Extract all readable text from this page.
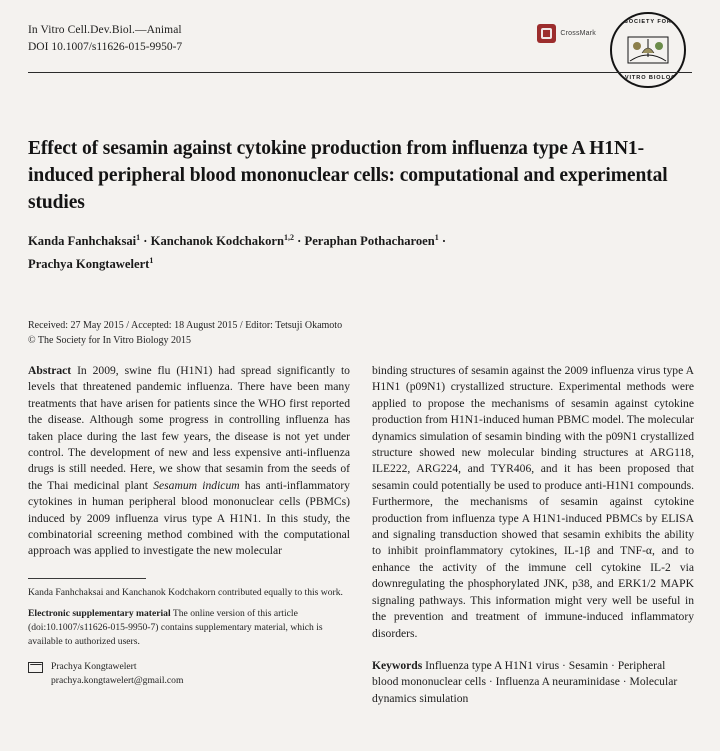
In Vitro Cell.Dev.Biol.—Animal
DOI 10.1007/s11626-015-9950-7
CrossMark
SOCIETY FOR
IN VITRO BIOLOGY
Effect of sesamin against cytokine production from influenza type A H1N1-induced peripheral blood mononuclear cells: computational and experimental studies
Kanda Fanhchaksai$^1$ · Kanchanok Kodchakorn$^{1,2}$ · Peraphan Pothacharoen$^1$ ·
Prachya Kongtawelert$^1$
Received: 27 May 2015 / Accepted: 18 August 2015 / Editor: Tetsuji Okamoto
© The Society for In Vitro Biology 2015

Abstract In 2009, swine flu (H1N1) had spread significantly to levels that threatened pandemic influenza. There have been many treatments that have arisen for patients since the WHO first reported the disease. Although some progress in controlling influenza has taken place during the last few years, the disease is not yet under control. The development of new and less expensive anti-influenza drugs is still needed. Here, we show that sesamin from the seeds of the Thai medicinal plant Sesamum indicum has anti-inflammatory cytokines in human peripheral blood mononuclear cells (PBMCs) induced by 2009 influenza virus type A H1N1. In this study, the combinatorial screening method combined with the computational approach was applied to investigate the new molecular

Kanda Fanhchaksai and Kanchanok Kodchakorn contributed equally to this work.

Electronic supplementary material The online version of this article (doi:10.1007/s11626-015-9950-7) contains supplementary material, which is available to authorized users.

Prachya Kongtawelert
prachya.kongtawelert@gmail.com

binding structures of sesamin against the 2009 influenza virus type A H1N1 (p09N1) crystallized structure. Experimental methods were applied to propose the mechanisms of sesamin against cytokine production from H1N1-induced human PBMC model. The molecular dynamics simulation of sesamin binding with the p09N1 crystallized structure showed new molecular binding structures at ARG118, ILE222, ARG224, and TYR406, and it has been proposed that sesamin could potentially be used to produce anti-H1N1 compounds. Furthermore, the mechanisms of sesamin against cytokine production from influenza type A H1N1-induced PBMCs by ELISA and signaling transduction showed that sesamin exhibits the ability to inhibit proinflammatory cytokines, IL-1β and TNF-α, and to enhance the activity of the immune cell cytokine IL-2 via downregulating the phosphorylated JNK, p38, and ERK1/2 MAPK signaling pathways. This information might very well be useful in the prevention and treatment of immune-induced inflammatory disorders.

Keywords Influenza type A H1N1 virus · Sesamin · Peripheral blood mononuclear cells · Influenza A neuraminidase · Molecular dynamics simulation
